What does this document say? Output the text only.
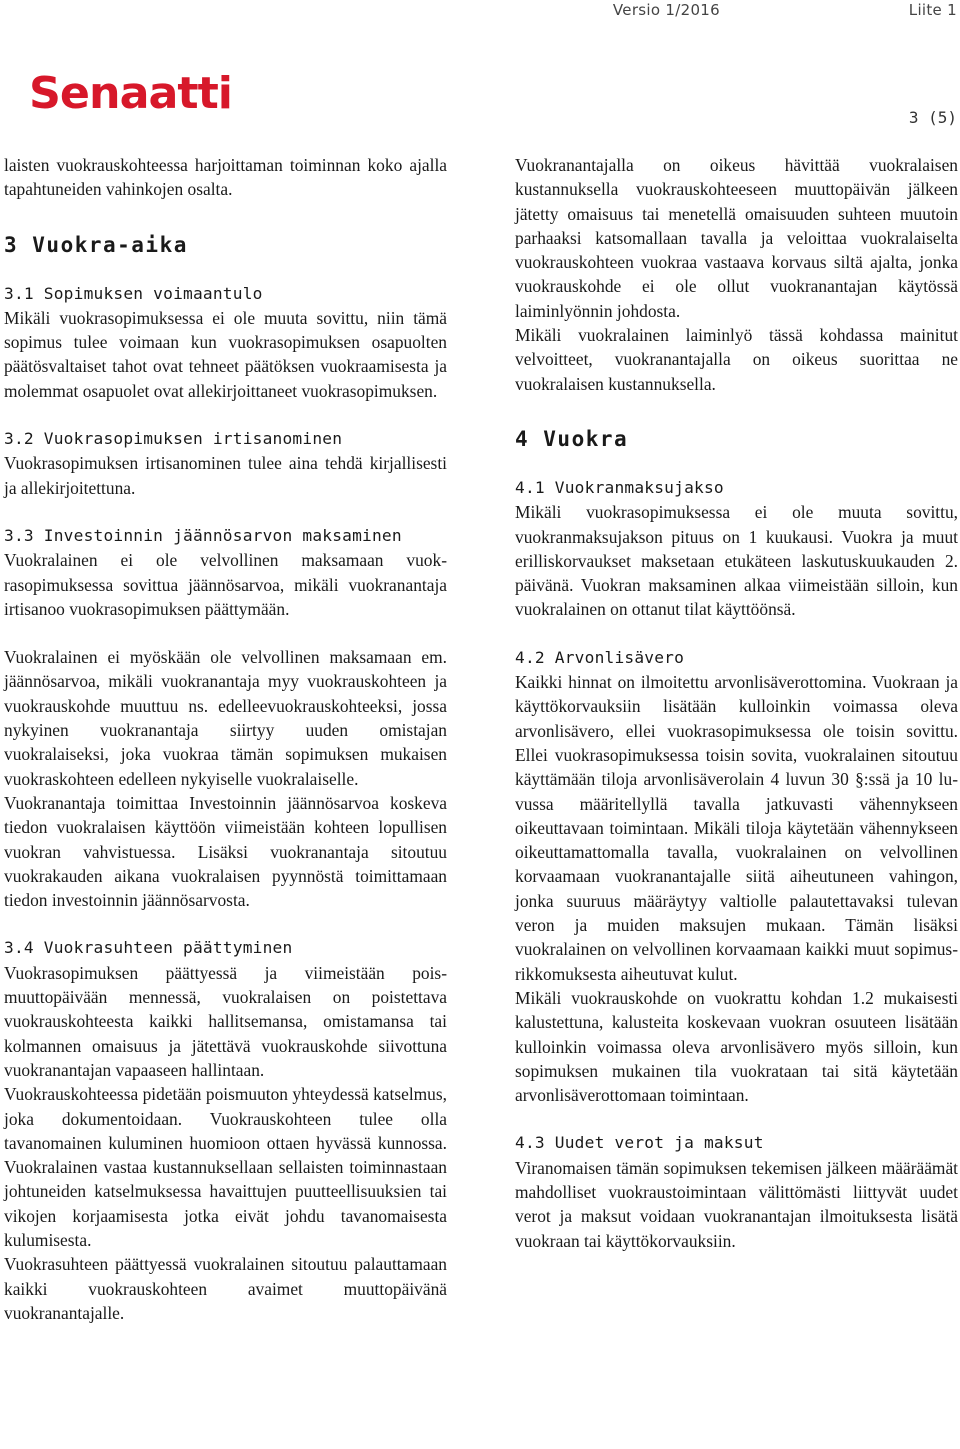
Versio 1/2016	Liite 1
Senaatti	3 (5)

laisten vuokrauskohteessa harjoittaman toiminnan koko ajalla tapahtuneiden vahinkojen osalta.

3 Vuokra-aika
3.1 Sopimuksen voimaantulo

Mikäli vuokrasopimuksessa ei ole muuta sovittu, niin tämä sopimus tulee voimaan kun vuokrasopimuksen osapuolten päätösvaltaiset tahot ovat tehneet päätöksen vuokraamisesta ja molemmat osapuolet ovat allekirjoittaneet vuokrasopimuksen.

3.2 Vuokrasopimuksen irtisanominen

Vuokrasopimuksen irtisanominen tulee aina tehdä kirjallisesti ja allekirjoitettuna.

3.3 Investoinnin jäännösarvon maksaminen

Vuokralainen ei ole velvollinen maksamaan vuokrasopimuksessa sovittua jäännösarvoa, mikäli vuokranantaja irtisanoo vuokrasopimuksen päättymään.

Vuokralainen ei myöskään ole velvollinen maksamaan em. jäännösarvoa, mikäli vuokranantaja myy vuokrauskohteen ja vuokrauskohde muuttuu ns. edelleevuokrauskohteeksi, jossa nykyinen vuokranantaja siirtyy uuden omistajan vuokralaiseksi, joka vuokraa tämän sopimuksen mukaisen vuokraskohteen edelleen nykyiselle vuokralaiselle.

Vuokranantaja toimittaa Investoinnin jäännösarvoa koskeva tiedon vuokralaisen käyttöön viimeistään kohteen lopullisen vuokran vahvistuessa. Lisäksi vuokranantaja sitoutuu vuokrakauden aikana vuokralaisen pyynnöstä toimittamaan tiedon investoinnin jäännösarvosta.

3.4 Vuokrasuhteen päättyminen

Vuokrasopimuksen päättyessä ja viimeistään poismuuttopäivään mennessä, vuokralaisen on poistettava vuokrauskohteesta kaikki hallitsemansa, omistamansa tai kolmannen omaisuus ja jätettävä vuokrauskohde siivottuna vuokranantajan vapaaseen hallintaan.

Vuokrauskohteessa pidetään poismuuton yhteydessä katselmus, joka dokumentoidaan. Vuokrauskohteen tulee olla tavanomainen kuluminen huomioon ottaen hyvässä kunnossa. Vuokralainen vastaa kustannuksellaan sellaisten toiminnastaan johtuneiden katselmuksessa havaittujen puutteellisuuksien tai vikojen korjaamisesta jotka eivät johdu tavanomaisesta kulumisesta.

Vuokrasuhteen päättyessä vuokralainen sitoutuu palauttamaan kaikki vuokrauskohteen avaimet muuttopäivänä vuokranantajalle.

Vuokranantajalla on oikeus hävittää vuokralaisen kustannuksella vuokrauskohteeseen muuttopäivän jälkeen jätetty omaisuus tai menetellä omaisuuden suhteen muutoin parhaaksi katsomallaan tavalla ja veloittaa vuokralaiselta vuokrauskohteen vuokraa vastaava korvaus siltä ajalta, jonka vuokrauskohde ei ole ollut vuokranantajan käytössä laiminlyönnin johdosta.

Mikäli vuokralainen laiminlyö tässä kohdassa mainitut velvoitteet, vuokranantajalla on oikeus suorittaa ne vuokralaisen kustannuksella.

4 Vuokra
4.1 Vuokranmaksujakso

Mikäli vuokrasopimuksessa ei ole muuta sovittu, vuokranmaksujakson pituus on 1 kuukausi. Vuokra ja muut erilliskorvaukset maksetaan etukäteen laskutuskuukauden 2. päivänä. Vuokran maksaminen alkaa viimeistään silloin, kun vuokralainen on ottanut tilat käyttöönsä.

4.2 Arvonlisävero

Kaikki hinnat on ilmoitettu arvonlisäverottomina. Vuokraan ja käyttökorvauksiin lisätään kulloinkin voimassa oleva arvonlisävero, ellei vuokrasopimuksessa ole toisin sovittu. Ellei vuokrasopimuksessa toisin sovita, vuokralainen sitoutuu käyttämään tiloja arvonlisäverolain 4 luvun 30 §:ssä ja 10 luvussa määritellyllä tavalla jatkuvasti vähennykseen oikeuttavaan toimintaan. Mikäli tiloja käytetään vähennykseen oikeuttamattomalla tavalla, vuokralainen on velvollinen korvaamaan vuokranantajalle siitä aiheutuneen vahingon, jonka suuruus määräytyy valtiolle palautettavaksi tulevan veron ja muiden maksujen mukaan. Tämän lisäksi vuokralainen on velvollinen korvaamaan kaikki muut sopimusrikkomuksesta aiheutuvat kulut.

Mikäli vuokrauskohde on vuokrattu kohdan 1.2 mukaisesti kalustettuna, kalusteita koskevaan vuokran osuuteen lisätään kulloinkin voimassa oleva arvonlisävero myös silloin, kun sopimuksen mukainen tila vuokrataan tai sitä käytetään arvonlisäverottomaan toimintaan.

4.3 Uudet verot ja maksut

Viranomaisen tämän sopimuksen tekemisen jälkeen määräämät mahdolliset vuokraustoimintaan välittömästi liittyvät uudet verot ja maksut voidaan vuokranantajan ilmoituksesta lisätä vuokraan tai käyttökorvauksiin.
